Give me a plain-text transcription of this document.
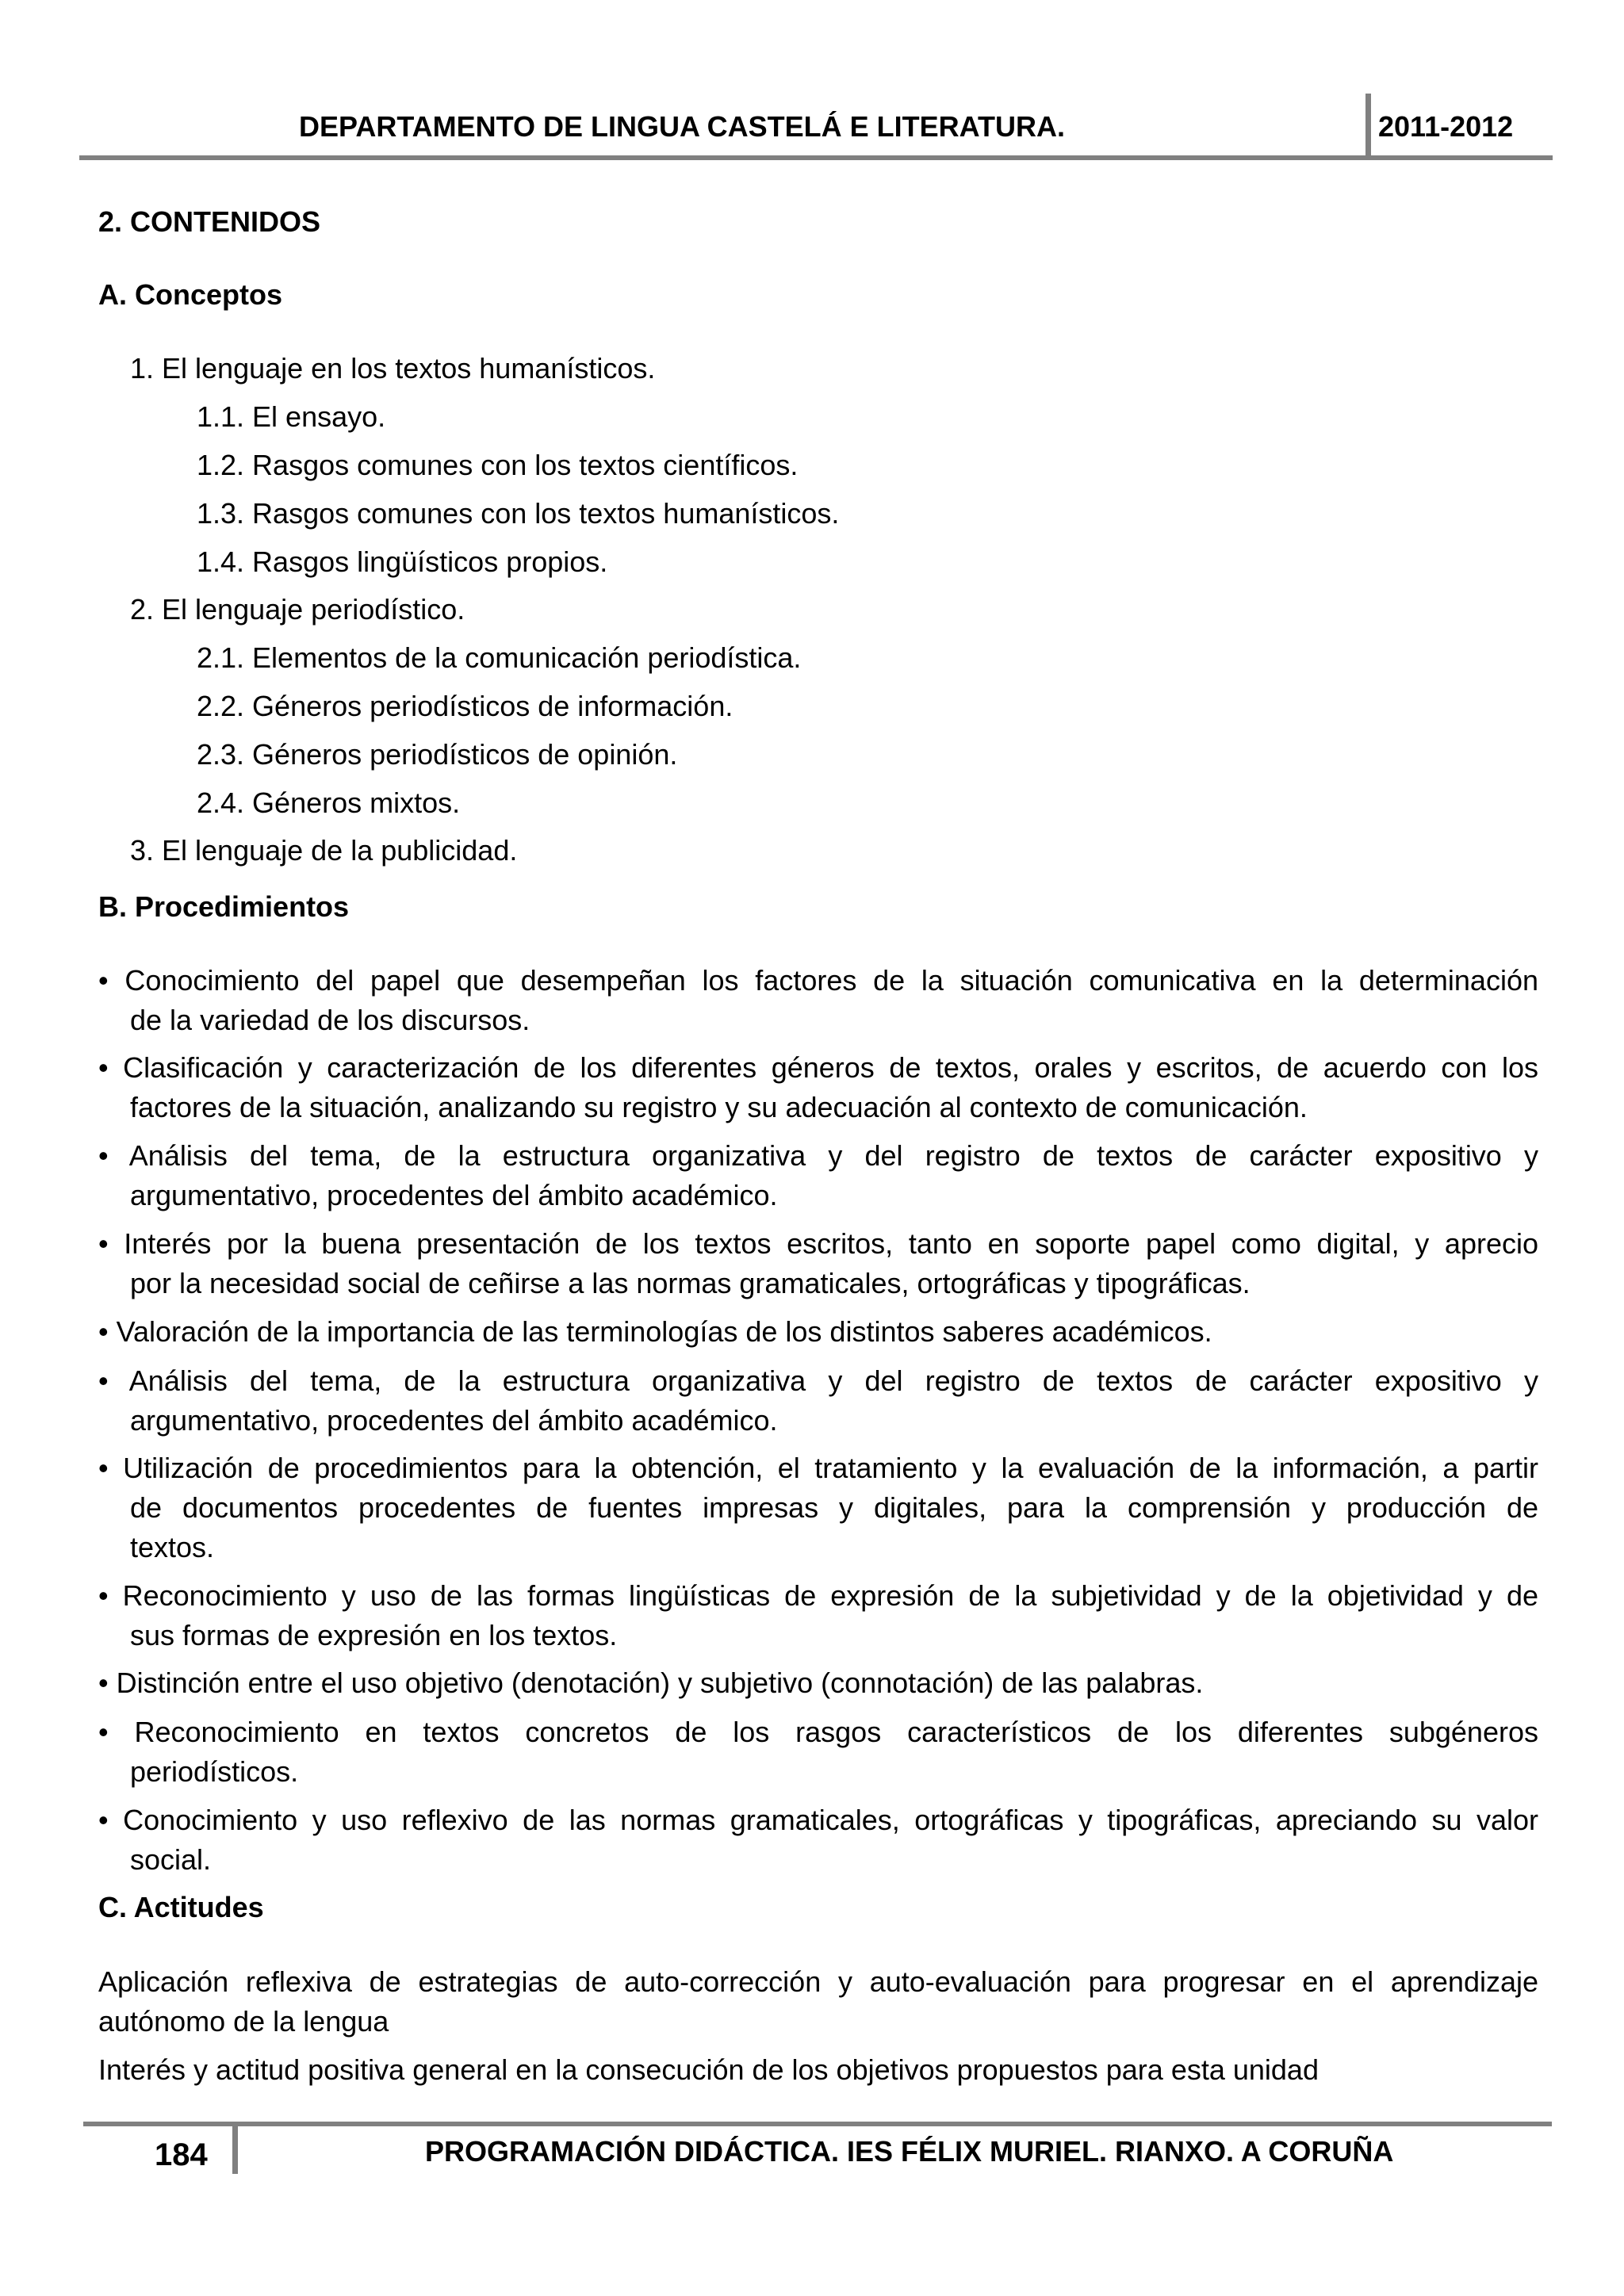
DEPARTAMENTO DE LINGUA CASTELÁ E LITERATURA.	2011-2012
2. CONTENIDOS
A. Conceptos
1. El lenguaje en los textos humanísticos.
1.1. El ensayo.
1.2. Rasgos comunes con los textos científicos.
1.3. Rasgos comunes con los textos humanísticos.
1.4. Rasgos lingüísticos propios.
2. El lenguaje periodístico.
2.1. Elementos de la comunicación periodística.
2.2. Géneros periodísticos de información.
2.3. Géneros periodísticos de opinión.
2.4. Géneros mixtos.
3. El lenguaje de la publicidad.
B. Procedimientos
• Conocimiento del papel que desempeñan los factores de la situación comunicativa en la determinación
de la variedad de los discursos.
• Clasificación y caracterización de los diferentes géneros de textos, orales y escritos, de acuerdo con los
factores de la situación, analizando su registro y su adecuación al contexto de comunicación.
• Análisis del tema, de la estructura organizativa y del registro de textos de carácter expositivo y
argumentativo, procedentes del ámbito académico.
• Interés por la buena presentación de los textos escritos, tanto en soporte papel como digital, y aprecio
por la necesidad social de ceñirse a las normas gramaticales, ortográficas y tipográficas.
• Valoración de la importancia de las terminologías de los distintos saberes académicos.
• Análisis del tema, de la estructura organizativa y del registro de textos de carácter expositivo y
argumentativo, procedentes del ámbito académico.
• Utilización de procedimientos para la obtención, el tratamiento y la evaluación de la información, a partir
de documentos procedentes de fuentes impresas y digitales, para la comprensión y producción de
textos.
• Reconocimiento y uso de las formas lingüísticas de expresión de la subjetividad y de la objetividad y de
sus formas de expresión en los textos.
• Distinción entre el uso objetivo (denotación) y subjetivo (connotación) de las palabras.
• Reconocimiento en textos concretos de los rasgos característicos de los diferentes subgéneros
periodísticos.
• Conocimiento y uso reflexivo de las normas gramaticales, ortográficas y tipográficas, apreciando su valor
social.
C. Actitudes
Aplicación reflexiva de estrategias de auto-corrección y auto-evaluación para progresar en el aprendizaje
autónomo de la lengua
Interés y actitud positiva general en la consecución de los objetivos propuestos para esta unidad
184	PROGRAMACIÓN DIDÁCTICA. IES FÉLIX MURIEL. RIANXO. A CORUÑA
